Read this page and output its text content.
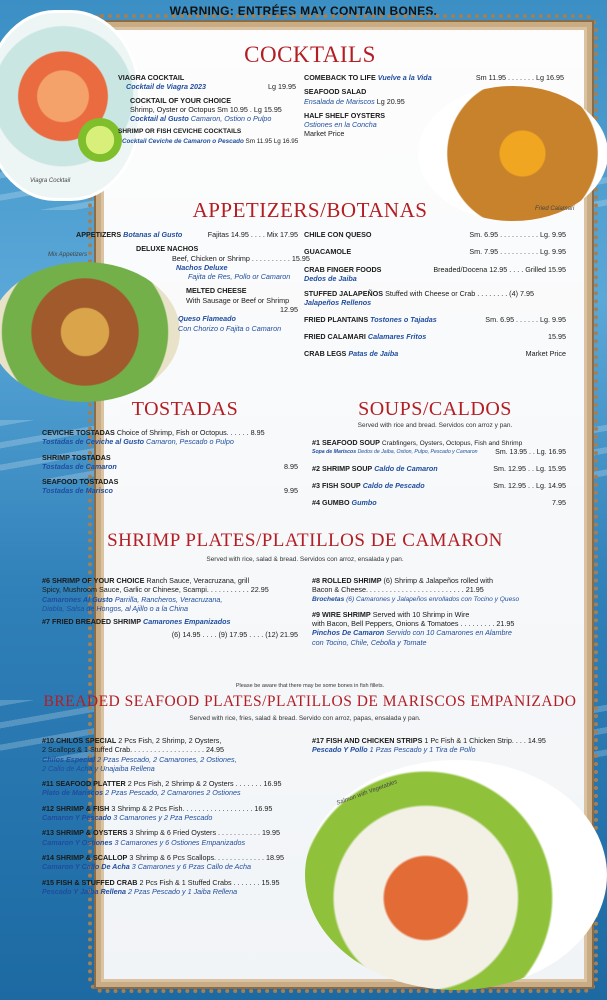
WARNING: ENTRÉES MAY CONTAIN BONES.
Viagra Cocktail
Fried Calamari
Mix Appetizers
Salmon with Vegetables
COCKTAILS
VIAGRA COCKTAIL
Cocktail de Viagra 2023	Lg 19.95
COCKTAIL OF YOUR CHOICE
Shrimp, Oyster or Octopus Sm 10.95 . Lg 15.95
Cocktail al Gusto Camaron, Ostion o Pulpo
SHRIMP OR FISH CEVICHE COCKTAILS
Cocktail Ceviche de Camaron o Pescado Sm 11.95 Lg 16.95
COMEBACK TO LIFE Vuelve a la Vida	Sm 11.95 . . . . . . . Lg 16.95
SEAFOOD SALAD
Ensalada de Mariscos Lg 20.95
HALF SHELF OYSTERS
Ostiones en la Concha
Market Price
APPETIZERS/BOTANAS
APPETIZERS Botanas al Gusto	Fajitas 14.95 . . . . Mix 17.95
DELUXE NACHOS
Beef, Chicken or Shrimp . . . . . . . . . . 15.95
Nachos Deluxe
Fajita de Res, Pollo or Camaron
MELTED CHEESE
With Sausage or Beef or Shrimp
12.95

Queso Flameado
Con Chorizo o Fajita o Camaron
CHILE CON QUESO	Sm. 6.95 . . . . . . . . . . Lg. 9.95
GUACAMOLE	Sm. 7.95 . . . . . . . . . . Lg. 9.95
CRAB FINGER FOODS	Breaded/Docena 12.95 . . . . Grilled 15.95
Dedos de Jaiba
STUFFED JALAPEÑOS Stuffed with Cheese or Crab . . . . . . . . (4) 7.95
Jalapeños Rellenos
FRIED PLANTAINS Tostones o Tajadas	Sm. 6.95 . . . . . . Lg. 9.95
FRIED CALAMARI Calamares Fritos	15.95
CRAB LEGS Patas de Jaiba	Market Price
TOSTADAS
CEVICHE TOSTADAS Choice of Shrimp, Fish or Octopus. . . . . . 8.95
Tostadas de Ceviche al Gusto Camaron, Pescado o Pulpo
SHRIMP TOSTADAS
Tostadas de Camaron	8.95
SEAFOOD TOSTADAS
Tostadas de Marisco	9.95
SOUPS/CALDOS
Served with rice and bread. Servidos con arroz y pan.
#1 SEAFOOD SOUP Crabfingers, Oysters, Octopus, Fish and Shrimp
Sopa de Mariscos Dedos de Jaiba, Ostion, Pulpo, Pescado y Camaron	Sm. 13.95 . . Lg. 16.95
#2 SHRIMP SOUP Caldo de Camaron	Sm. 12.95 . . Lg. 15.95
#3 FISH SOUP Caldo de Pescado	Sm. 12.95 . . Lg. 14.95
#4 GUMBO Gumbo	7.95
SHRIMP PLATES/PLATILLOS DE CAMARON
Served with rice, salad & bread. Servidos con arroz, ensalada y pan.
#6 SHRIMP OF YOUR CHOICE Ranch Sauce, Veracruzana, grill
Spicy, Mushroom Sauce, Garlic or Chinese, Scampi. . . . . . . . . . . 22.95
Camarones Al Gusto Parrilla, Rancheros, Veracruzana,
Diabla, Salsa de Hongos, al Ajillo o a la China
#7 FRIED BREADED SHRIMP Camarones Empanizados
(6) 14.95 . . . . (9) 17.95 . . . . (12) 21.95

#8 ROLLED SHRIMP (6) Shrimp & Jalapeños rolled with
Bacon & Cheese. . . . . . . . . . . . . . . . . . . . . . . . . 21.95
Brochetas (6) Camarones y Jalapeños enrollados con Tocino y Queso
#9 WIRE SHRIMP Served with 10 Shrimp in Wire
with Bacon, Bell Peppers, Onions & Tomatoes . . . . . . . . . 21.95
Pinchos De Camaron Servido con 10 Camarones en Alambre
con Tocino, Chile, Cebolla y Tomate
Please be aware that there may be some bones in fish fillets.
BREADED SEAFOOD PLATES/PLATILLOS DE MARISCOS EMPANIZADO
Served with rice, fries, salad & bread. Servido con arroz, papas, ensalada y pan.
#10 CHILOS SPECIAL 2 Pcs Fish, 2 Shrimp, 2 Oysters,
2 Scallops & 1 Stuffed Crab. . . . . . . . . . . . . . . . . . . 24.95
Chilos Especial 2 Pzas Pescado, 2 Camarones, 2 Ostiones,
2 Callo de Acha y Unajaiba Rellena
#11 SEAFOOD PLATTER 2 Pcs Fish, 2 Shrimp & 2 Oysters . . . . . . . 16.95
Plato de Mariscos 2 Pzas Pescado, 2 Camarones 2 Ostiones
#12 SHRIMP & FISH 3 Shrimp & 2 Pcs Fish. . . . . . . . . . . . . . . . . . 16.95
Camaron Y Pescado 3 Camarones y 2 Pza Pescado
#13 SHRIMP & OYSTERS 3 Shrimp & 6 Fried Oysters . . . . . . . . . . . 19.95
Camaron Y Ostiones 3 Camarones y 6 Ostiones Empanizados
#14 SHRIMP & SCALLOP 3 Shrimp & 6 Pcs Scallops. . . . . . . . . . . . . 18.95
Camaron Y Callo De Acha 3 Camarones y 6 Pzas Callo de Acha
#15 FISH & STUFFED CRAB 2 Pcs Fish & 1 Stuffed Crabs . . . . . . . 15.95
Pescado Y Jaiba Rellena 2 Pzas Pescado y 1 Jaiba Rellena
#17 FISH AND CHICKEN STRIPS 1 Pc Fish & 1 Chicken Strip. . . . 14.95
Pescado Y Pollo 1 Pzas Pescado y 1 Tira de Pollo
